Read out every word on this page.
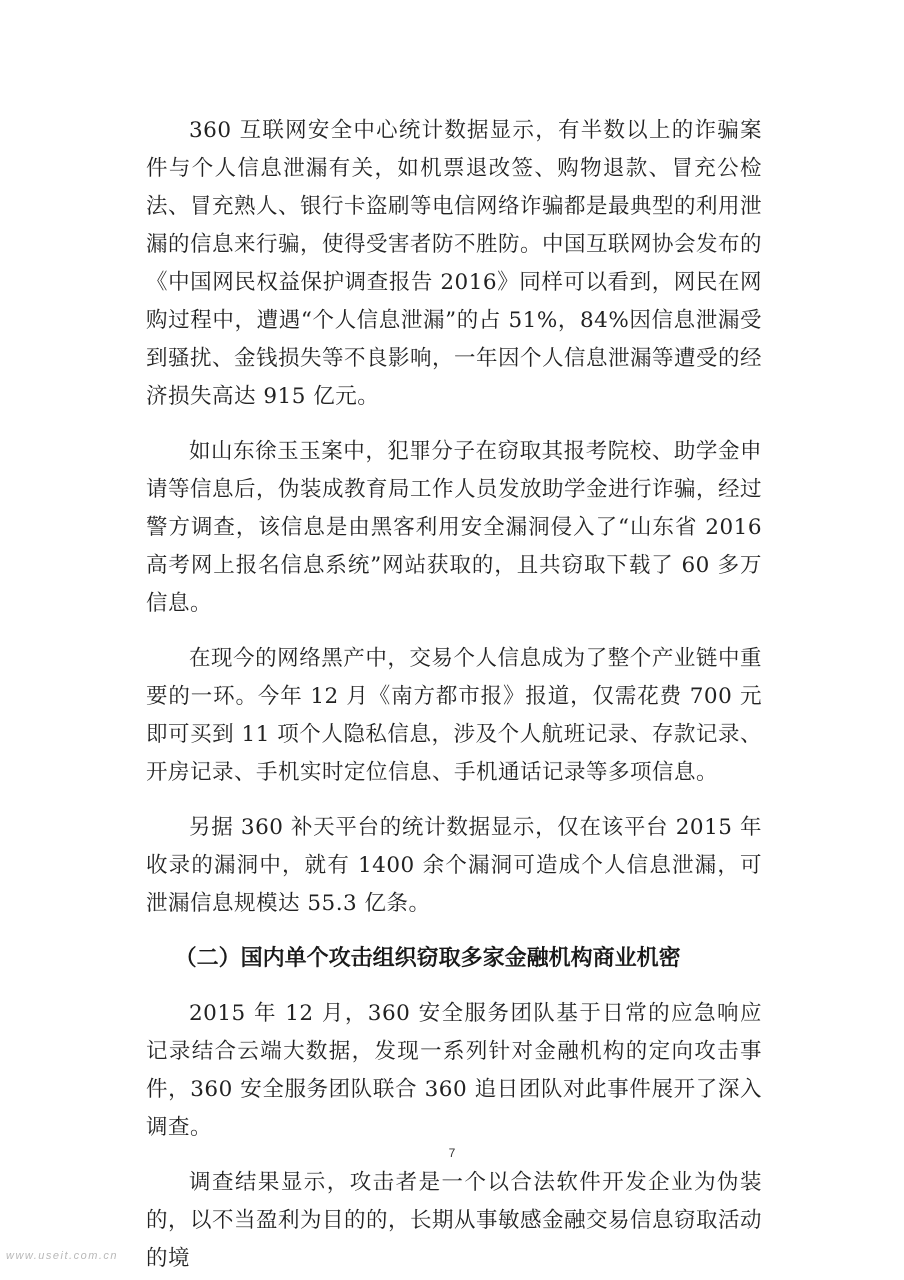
360 互联网安全中心统计数据显示，有半数以上的诈骗案件与个人信息泄漏有关，如机票退改签、购物退款、冒充公检法、冒充熟人、银行卡盗刷等电信网络诈骗都是最典型的利用泄漏的信息来行骗，使得受害者防不胜防。中国互联网协会发布的《中国网民权益保护调查报告 2016》同样可以看到，网民在网购过程中，遭遇“个人信息泄漏”的占 51%，84%因信息泄漏受到骚扰、金钱损失等不良影响，一年因个人信息泄漏等遭受的经济损失高达 915 亿元。

如山东徐玉玉案中，犯罪分子在窃取其报考院校、助学金申请等信息后，伪装成教育局工作人员发放助学金进行诈骗，经过警方调查，该信息是由黑客利用安全漏洞侵入了“山东省 2016 高考网上报名信息系统”网站获取的，且共窃取下载了 60 多万信息。

在现今的网络黑产中，交易个人信息成为了整个产业链中重要的一环。今年 12 月《南方都市报》报道，仅需花费 700 元即可买到 11 项个人隐私信息，涉及个人航班记录、存款记录、开房记录、手机实时定位信息、手机通话记录等多项信息。

另据 360 补天平台的统计数据显示，仅在该平台 2015 年收录的漏洞中，就有 1400 余个漏洞可造成个人信息泄漏，可泄漏信息规模达 55.3 亿条。

（二）国内单个攻击组织窃取多家金融机构商业机密

2015 年 12 月，360 安全服务团队基于日常的应急响应记录结合云端大数据，发现一系列针对金融机构的定向攻击事件，360 安全服务团队联合 360 追日团队对此事件展开了深入调查。

调查结果显示，攻击者是一个以合法软件开发企业为伪装的，以不当盈利为目的的，长期从事敏感金融交易信息窃取活动的境

7
www.useit.com.cn
